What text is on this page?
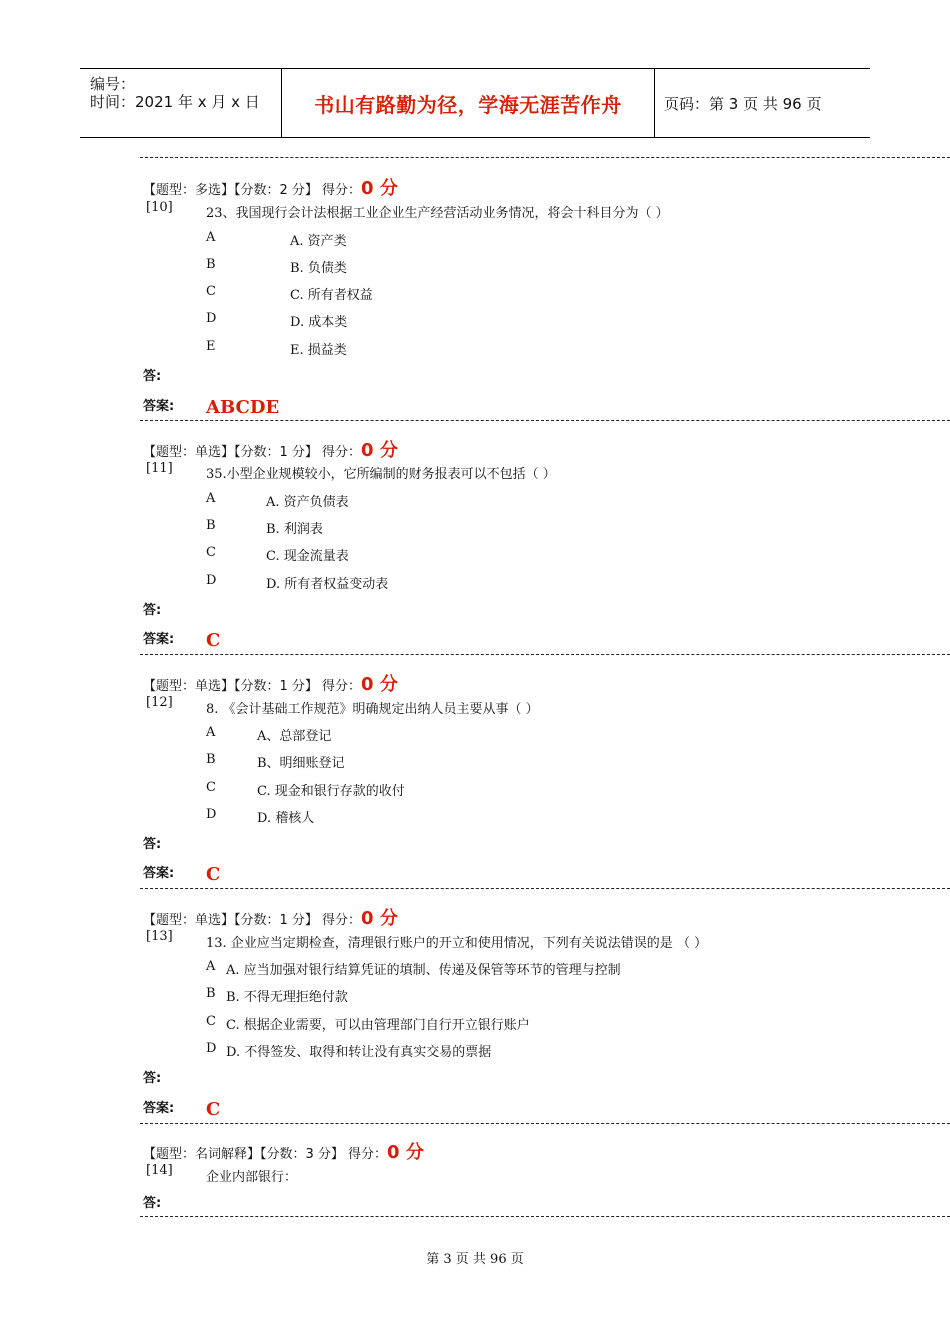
编号：
时间：2021 年 x 月 x 日	书山有路勤为径，学海无涯苦作舟	页码：第 3 页 共 96 页
【题型：多选】【分数：2 分】 得分：0 分
[10]	23、我国现行会计法根据工业企业生产经营活动业务情况，将会十科目分为（ ）
A	A. 资产类
B	B. 负债类
C	C. 所有者权益
D	D. 成本类
E	E. 损益类
答:
答案: ABCDE
【题型：单选】【分数：1 分】 得分：0 分
[11]	35.小型企业规模较小，它所编制的财务报表可以不包括（ ）
A	A. 资产负债表
B	B. 利润表
C	C. 现金流量表
D	D. 所有者权益变动表
答:
答案: C
【题型：单选】【分数：1 分】 得分：0 分
[12]	8. 《会计基础工作规范》明确规定出纳人员主要从事（ ）
A	A、总部登记
B	B、明细账登记
C	C. 现金和银行存款的收付
D	D. 稽核人
答:
答案: C
【题型：单选】【分数：1 分】 得分：0 分
[13]	13. 企业应当定期检查，清理银行账户的开立和使用情况，下列有关说法错误的是 （ ）
A A. 应当加强对银行结算凭证的填制、传递及保管等环节的管理与控制
B B. 不得无理拒绝付款
C C. 根据企业需要，可以由管理部门自行开立银行账户
D D. 不得签发、取得和转让没有真实交易的票据
答:
答案: C
【题型：名词解释】【分数：3 分】 得分：0 分
[14]	企业内部银行：
答:
第 3 页 共 96 页
